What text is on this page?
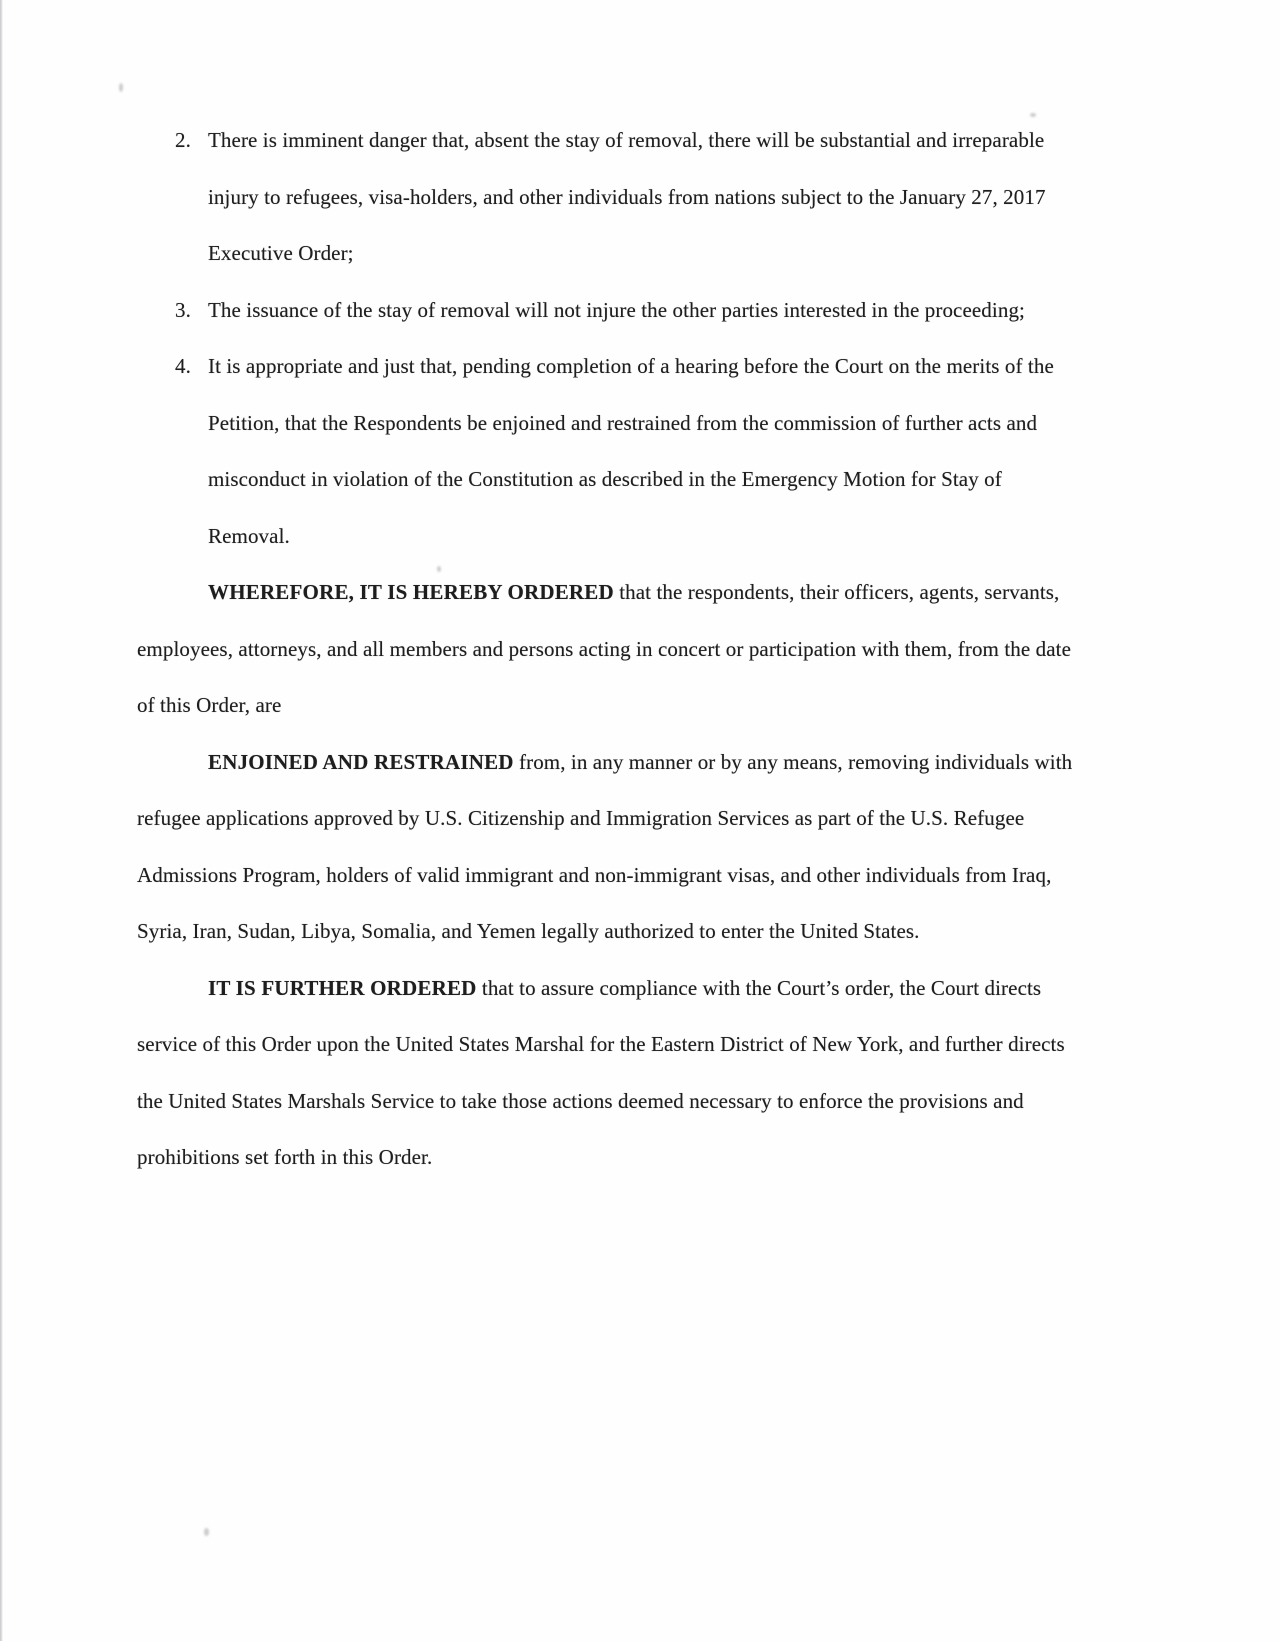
2. There is imminent danger that, absent the stay of removal, there will be substantial and irreparable injury to refugees, visa-holders, and other individuals from nations subject to the January 27, 2017 Executive Order;
3. The issuance of the stay of removal will not injure the other parties interested in the proceeding;
4. It is appropriate and just that, pending completion of a hearing before the Court on the merits of the Petition, that the Respondents be enjoined and restrained from the commission of further acts and misconduct in violation of the Constitution as described in the Emergency Motion for Stay of Removal.

WHEREFORE, IT IS HEREBY ORDERED that the respondents, their officers, agents, servants, employees, attorneys, and all members and persons acting in concert or participation with them, from the date of this Order, are

ENJOINED AND RESTRAINED from, in any manner or by any means, removing individuals with refugee applications approved by U.S. Citizenship and Immigration Services as part of the U.S. Refugee Admissions Program, holders of valid immigrant and non-immigrant visas, and other individuals from Iraq, Syria, Iran, Sudan, Libya, Somalia, and Yemen legally authorized to enter the United States.

IT IS FURTHER ORDERED that to assure compliance with the Court’s order, the Court directs service of this Order upon the United States Marshal for the Eastern District of New York, and further directs the United States Marshals Service to take those actions deemed necessary to enforce the provisions and prohibitions set forth in this Order.
